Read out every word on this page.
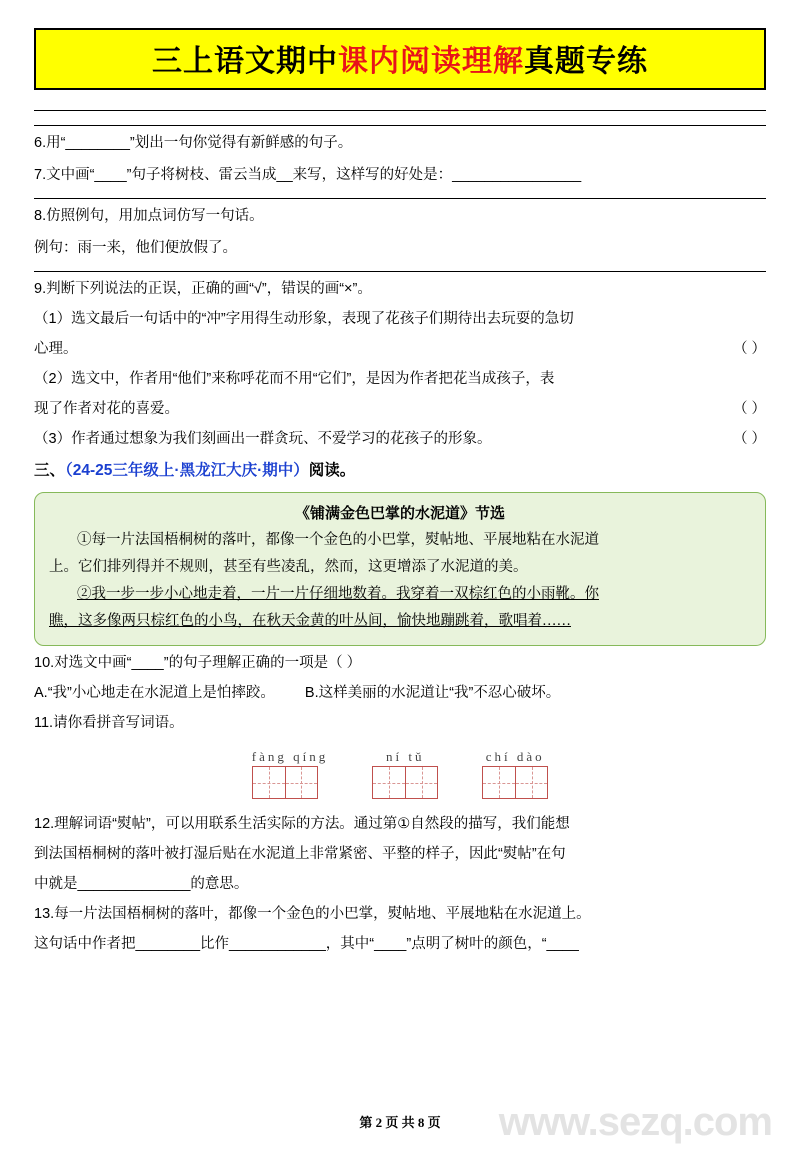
三上语文期中课内阅读理解真题专练
6.用“________”划出一句你觉得有新鲜感的句子。
7.文中画“____”句子将树枝、雷云当成__来写，这样写的好处是：________________
8.仿照例句，用加点词仿写一句话。
例句：雨一来，他们便放假了。
9.判断下列说法的正误，正确的画“√”，错误的画“×”。
（1）选文最后一句话中的“冲”字用得生动形象，表现了花孩子们期待出去玩耍的急切
心理。	（ ）
（2）选文中，作者用“他们”来称呼花而不用“它们”，是因为作者把花当成孩子，表
现了作者对花的喜爱。	（ ）
（3）作者通过想象为我们刻画出一群贪玩、不爱学习的花孩子的形象。	（ ）
三、（24-25三年级上·黑龙江大庆·期中）阅读。
《铺满金色巴掌的水泥道》节选
①每一片法国梧桐树的落叶，都像一个金色的小巴掌，熨帖地、平展地粘在水泥道
上。它们排列得并不规则，甚至有些凌乱，然而，这更增添了水泥道的美。
②我一步一步小心地走着，一片一片仔细地数着。我穿着一双棕红色的小雨靴。你
瞧，这多像两只棕红色的小鸟，在秋天金黄的叶丛间，愉快地蹦跳着，歌唱着……
10.对选文中画“____”的句子理解正确的一项是（ ）
A.“我”小心地走在水泥道上是怕摔跤。 B.这样美丽的水泥道让“我”不忍心破坏。
11.请你看拼音写词语。
fàng qíng	ní tǔ	chí dào
12.理解词语“熨帖”，可以用联系生活实际的方法。通过第①自然段的描写，我们能想
到法国梧桐树的落叶被打湿后贴在水泥道上非常紧密、平整的样子，因此“熨帖”在句
中就是______________的意思。
13.每一片法国梧桐树的落叶，都像一个金色的小巴掌，熨帖地、平展地粘在水泥道上。
这句话中作者把________比作____________，其中“____”点明了树叶的颜色，“____
第 2 页 共 8 页	www.sezq.com
